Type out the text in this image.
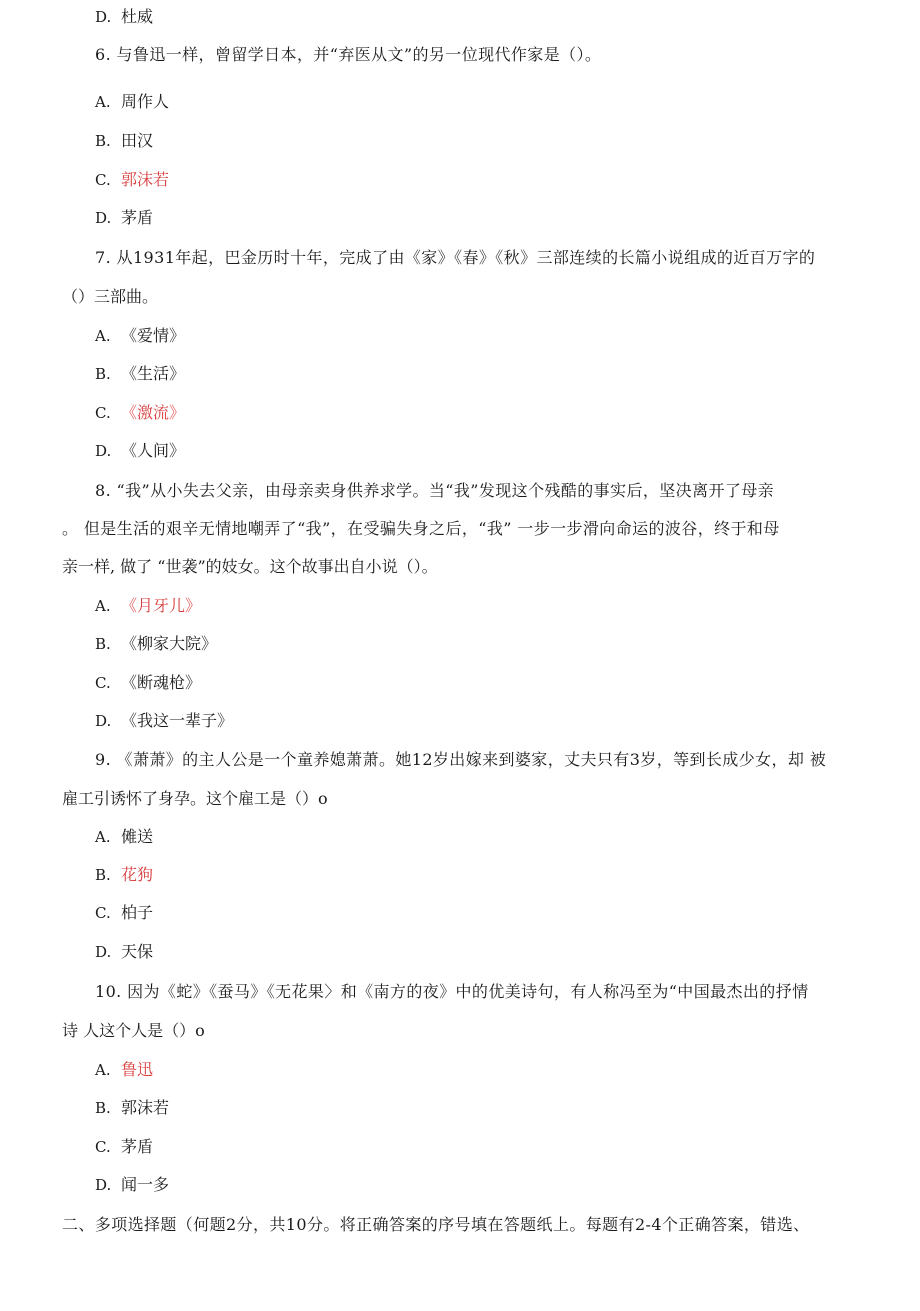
D. 杜威
6. 与鲁迅一样，曾留学日本，并“弃医从文”的另一位现代作家是（）。
A. 周作人
B. 田汉
C. 郭沫若
D. 茅盾
7. 从1931年起，巴金历时十年，完成了由《家》《春》《秋》三部连续的长篇小说组成的近百万字的
（）三部曲。
A. 《爱情》
B. 《生活》
C. 《激流》
D. 《人间》
8. “我”从小失去父亲，由母亲卖身供养求学。当“我”发现这个残酷的事实后，坚决离开了母亲
。 但是生活的艰辛无情地嘲弄了“我”，在受骗失身之后，“我” 一步一步滑向命运的波谷，终于和母
亲一样, 做了 “世袭”的妓女。这个故事出自小说（）。
A. 《月牙儿》
B. 《柳家大院》
C. 《断魂枪》
D. 《我这一辈子》
9. 《萧萧》的主人公是一个童养媳萧萧。她12岁出嫁来到婆家，丈夫只有3岁，等到长成少女，却 被
雇工引诱怀了身孕。这个雇工是（）o
A. 傩送
B. 花狗
C. 柏子
D. 天保
10. 因为《蛇》《蚕马》《无花果〉和《南方的夜》中的优美诗句，有人称冯至为“中国最杰出的抒情
诗 人这个人是（）o
A. 鲁迅
B. 郭沫若
C. 茅盾
D. 闻一多
二、多项选择题（何题2分，共10分。将正确答案的序号填在答题纸上。每题有2-4个正确答案，错选、
